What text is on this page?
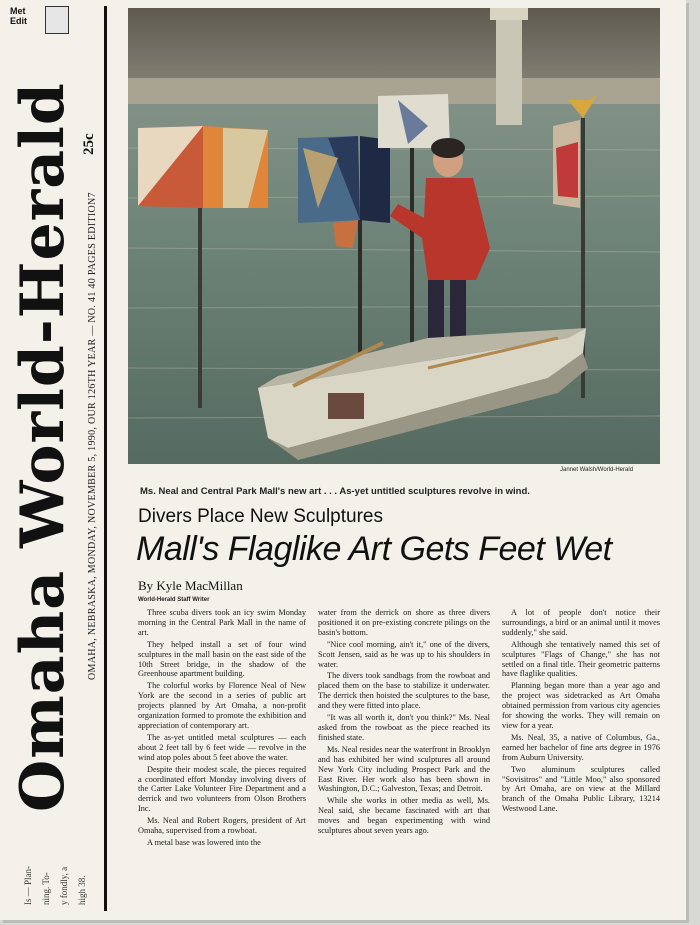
Met
Edit
Omaha World-Herald OMAHA, NEBRASKA, MONDAY, NOVEMBER 5, 1990, OUR 126TH YEAR — NO. 41 40 PAGES EDITION7
25c
Is — Plan- ning. To- y fondly, a high 38.
Jannet Walsh/World-Herald
Ms. Neal and Central Park Mall's new art . . . As-yet untitled sculptures revolve in wind.
Divers Place New Sculptures
Mall's Flaglike Art Gets Feet Wet
By Kyle MacMillan
World-Herald Staff Writer

Three scuba divers took an icy swim Monday morning in the Central Park Mall in the name of art.

They helped install a set of four wind sculptures in the mall basin on the east side of the 10th Street bridge, in the shadow of the Greenhouse apartment building.

The colorful works by Florence Neal of New York are the second in a series of public art projects planned by Art Omaha, a non-profit organization formed to promote the exhibition and appreciation of contemporary art.

The as-yet untitled metal sculptures — each about 2 feet tall by 6 feet wide — revolve in the wind atop poles about 5 feet above the water.

Despite their modest scale, the pieces required a coordinated effort Monday involving divers of the Carter Lake Volunteer Fire Department and a derrick and two volunteers from Olson Brothers Inc.

Ms. Neal and Robert Rogers, president of Art Omaha, supervised from a rowboat.

A metal base was lowered into the

water from the derrick on shore as three divers positioned it on pre-existing concrete pilings on the basin's bottom.

"Nice cool morning, ain't it," one of the divers, Scott Jensen, said as he was up to his shoulders in water.

The divers took sandbags from the rowboat and placed them on the base to stabilize it underwater. The derrick then hoisted the sculptures to the base, and they were fitted into place.

"It was all worth it, don't you think?" Ms. Neal asked from the rowboat as the piece reached its finished state.

Ms. Neal resides near the waterfront in Brooklyn and has exhibited her wind sculptures all around New York City including Prospect Park and the East River. Her work also has been shown in Washington, D.C.; Galveston, Texas; and Detroit.

While she works in other media as well, Ms. Neal said, she became fascinated with art that moves and began experimenting with wind sculptures about seven years ago.

A lot of people don't notice their surroundings, a bird or an animal until it moves suddenly," she said.

Although she tentatively named this set of sculptures "Flags of Change," she has not settled on a final title. Their geometric patterns have flaglike qualities.

Planning began more than a year ago and the project was sidetracked as Art Omaha obtained permission from various city agencies for showing the works. They will remain on view for a year.

Ms. Neal, 35, a native of Columbus, Ga., earned her bachelor of fine arts degree in 1976 from Auburn University.

Two aluminum sculptures called "Sovisitros" and "Little Moo," also sponsored by Art Omaha, are on view at the Millard branch of the Omaha Public Library, 13214 Westwood Lane.
